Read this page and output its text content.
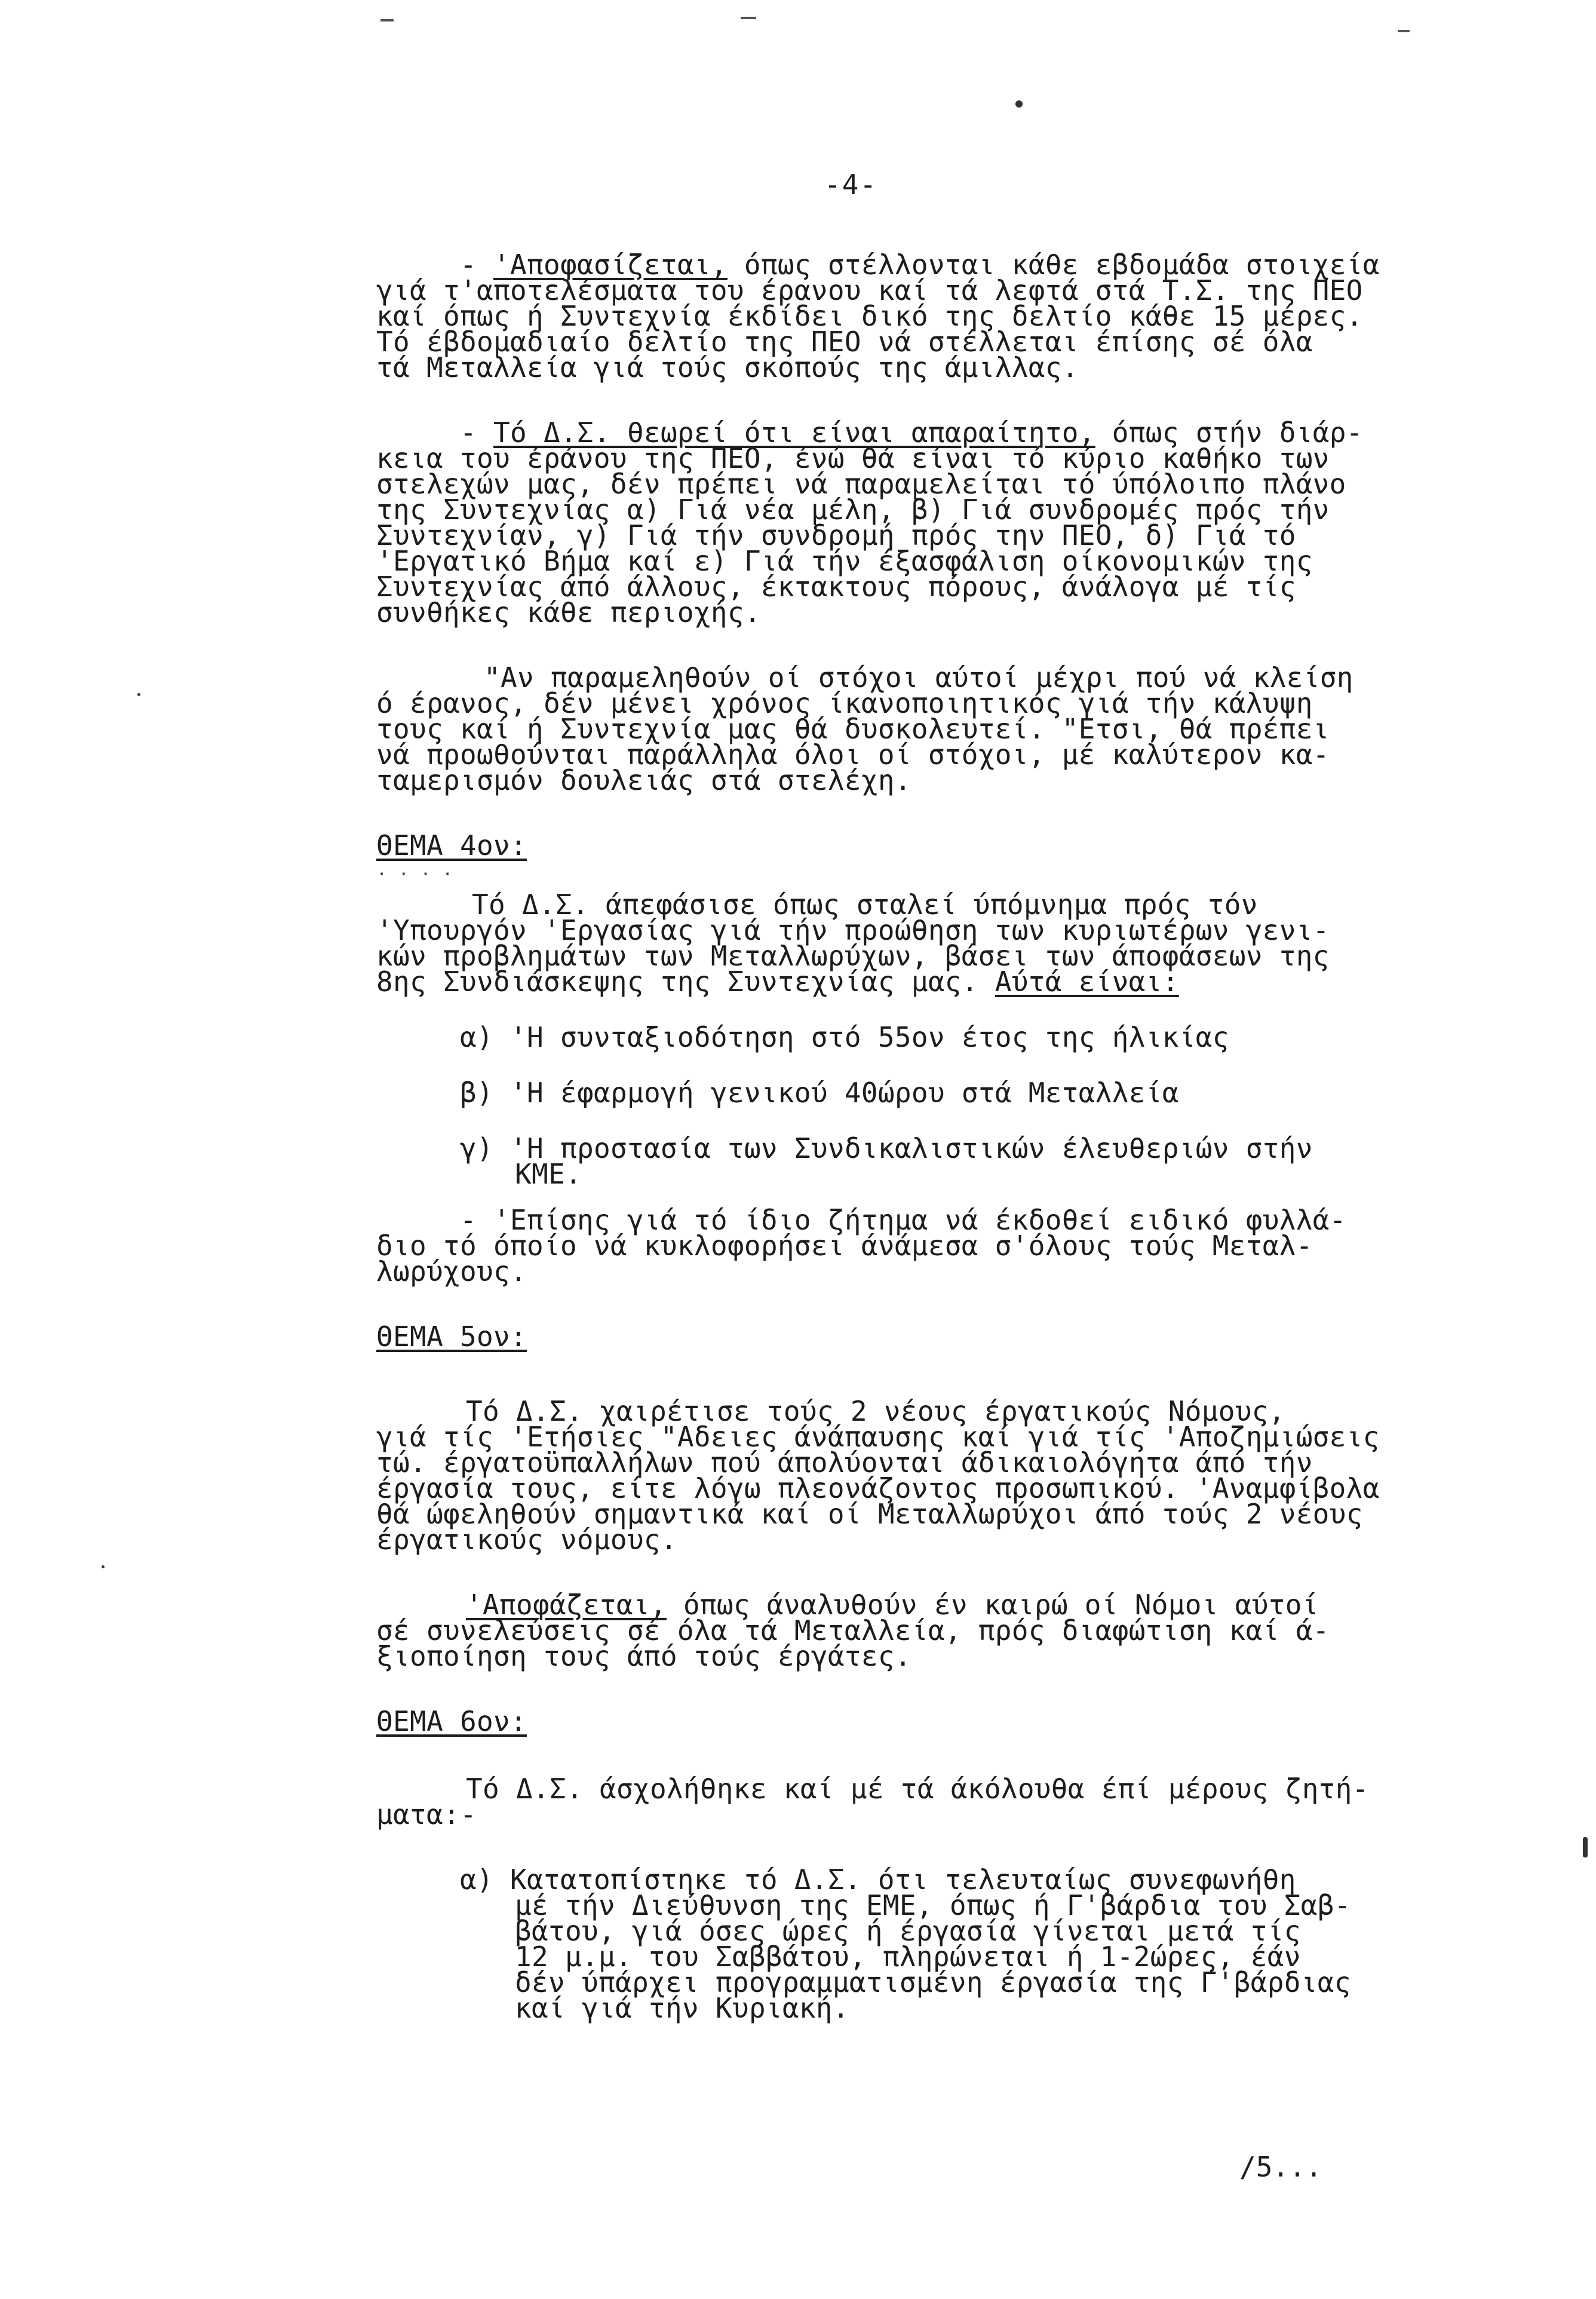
-4-
- 'Αποφασίζεται, όπως στέλλονται κάθε εβδομάδα στοιχεία
γιά τ'αποτελέσματα του έρανου καί τά λεφτά στά Τ.Σ. της ΠΕΟ
καί όπως ή Συντεχνία έκδίδει δικό της δελτίο κάθε 15 μέρες.
Τό έβδομαδιαίο δελτίο της ΠΕΟ νά στέλλεται έπίσης σέ όλα
τά Μεταλλεία γιά τούς σκοπούς της άμιλλας.
- Τό Δ.Σ. θεωρεί ότι είναι απαραίτητο, όπως στήν διάρ-
κεια του έράνου της ΠΕΟ, ένώ θά είναι τό κύριο καθήκο των
στελεχών μας, δέν πρέπει νά παραμελείται τό ύπόλοιπο πλάνο
της Συντεχνίας α) Γιά νέα μέλη, β) Γιά συνδρομές πρός τήν
Συντεχνίαν, γ) Γιά τήν συνδρομή πρός την ΠΕΟ, δ) Γιά τό
'Εργατικό Βήμα καί ε) Γιά τήν έξασφάλιση οίκονομικών της
Συντεχνίας άπό άλλους, έκτακτους πόρους, άνάλογα μέ τίς
συνθήκες κάθε περιοχής.
"Αν παραμεληθούν οί στόχοι αύτοί μέχρι πού νά κλείση
ό έρανος, δέν μένει χρόνος ίκανοποιητικός γιά τήν κάλυψη
τους καί ή Συντεχνία μας θά δυσκολευτεί. "Ετσι, θά πρέπει
νά προωθούνται παράλληλα όλοι οί στόχοι, μέ καλύτερον κα-
ταμερισμόν δουλειάς στά στελέχη.
ΘΕΜΑ 4ον:
. . . .
Τό Δ.Σ. άπεφάσισε όπως σταλεί ύπόμνημα πρός τόν
'Υπουργόν 'Εργασίας γιά τήν προώθηση των κυριωτέρων γενι-
κών προβλημάτων των Μεταλλωρύχων, βάσει των άποφάσεων της
8ης Συνδιάσκεψης της Συντεχνίας μας. Αύτά είναι:
α) 'Η συνταξιοδότηση στό 55ον έτος της ήλικίας
β) 'Η έφαρμογή γενικού 40ώρου στά Μεταλλεία
γ) 'Η προστασία των Συνδικαλιστικών έλευθεριών στήν
ΚΜΕ.
- 'Επίσης γιά τό ίδιο ζήτημα νά έκδοθεί ειδικό φυλλά-
διο τό όποίο νά κυκλοφορήσει άνάμεσα σ'όλους τούς Μεταλ-
λωρύχους.
ΘΕΜΑ 5ον:
Τό Δ.Σ. χαιρέτισε τούς 2 νέους έργατικούς Νόμους,
γιά τίς 'Ετήσιες "Αδειες άνάπαυσης καί γιά τίς 'Αποζημιώσεις
τώ. έργατοϋπαλλήλων πού άπολύονται άδικαιολόγητα άπό τήν
έργασία τους, είτε λόγω πλεονάζοντος προσωπικού. 'Αναμφίβολα
θά ώφεληθούν σημαντικά καί οί Μεταλλωρύχοι άπό τούς 2 νέους
έργατικούς νόμους.
'Αποφάζεται, όπως άναλυθούν έν καιρώ οί Νόμοι αύτοί
σέ συνελεύσεις σέ όλα τά Μεταλλεία, πρός διαφώτιση καί ά-
ξιοποίηση τους άπό τούς έργάτες.
ΘΕΜΑ 6ον:
Τό Δ.Σ. άσχολήθηκε καί μέ τά άκόλουθα έπί μέρους ζητή-
ματα:-
α) Κατατοπίστηκε τό Δ.Σ. ότι τελευταίως συνεφωνήθη
μέ τήν Διεύθυνση της ΕΜΕ, όπως ή Γ'βάρδια του Σαβ-
βάτου, γιά όσες ώρες ή έργασία γίνεται μετά τίς
12 μ.μ. του Σαββάτου, πληρώνεται ή 1-2ώρες, έάν
δέν ύπάρχει προγραμματισμένη έργασία της Γ'βάρδιας
καί γιά τήν Κυριακή.
/5...
